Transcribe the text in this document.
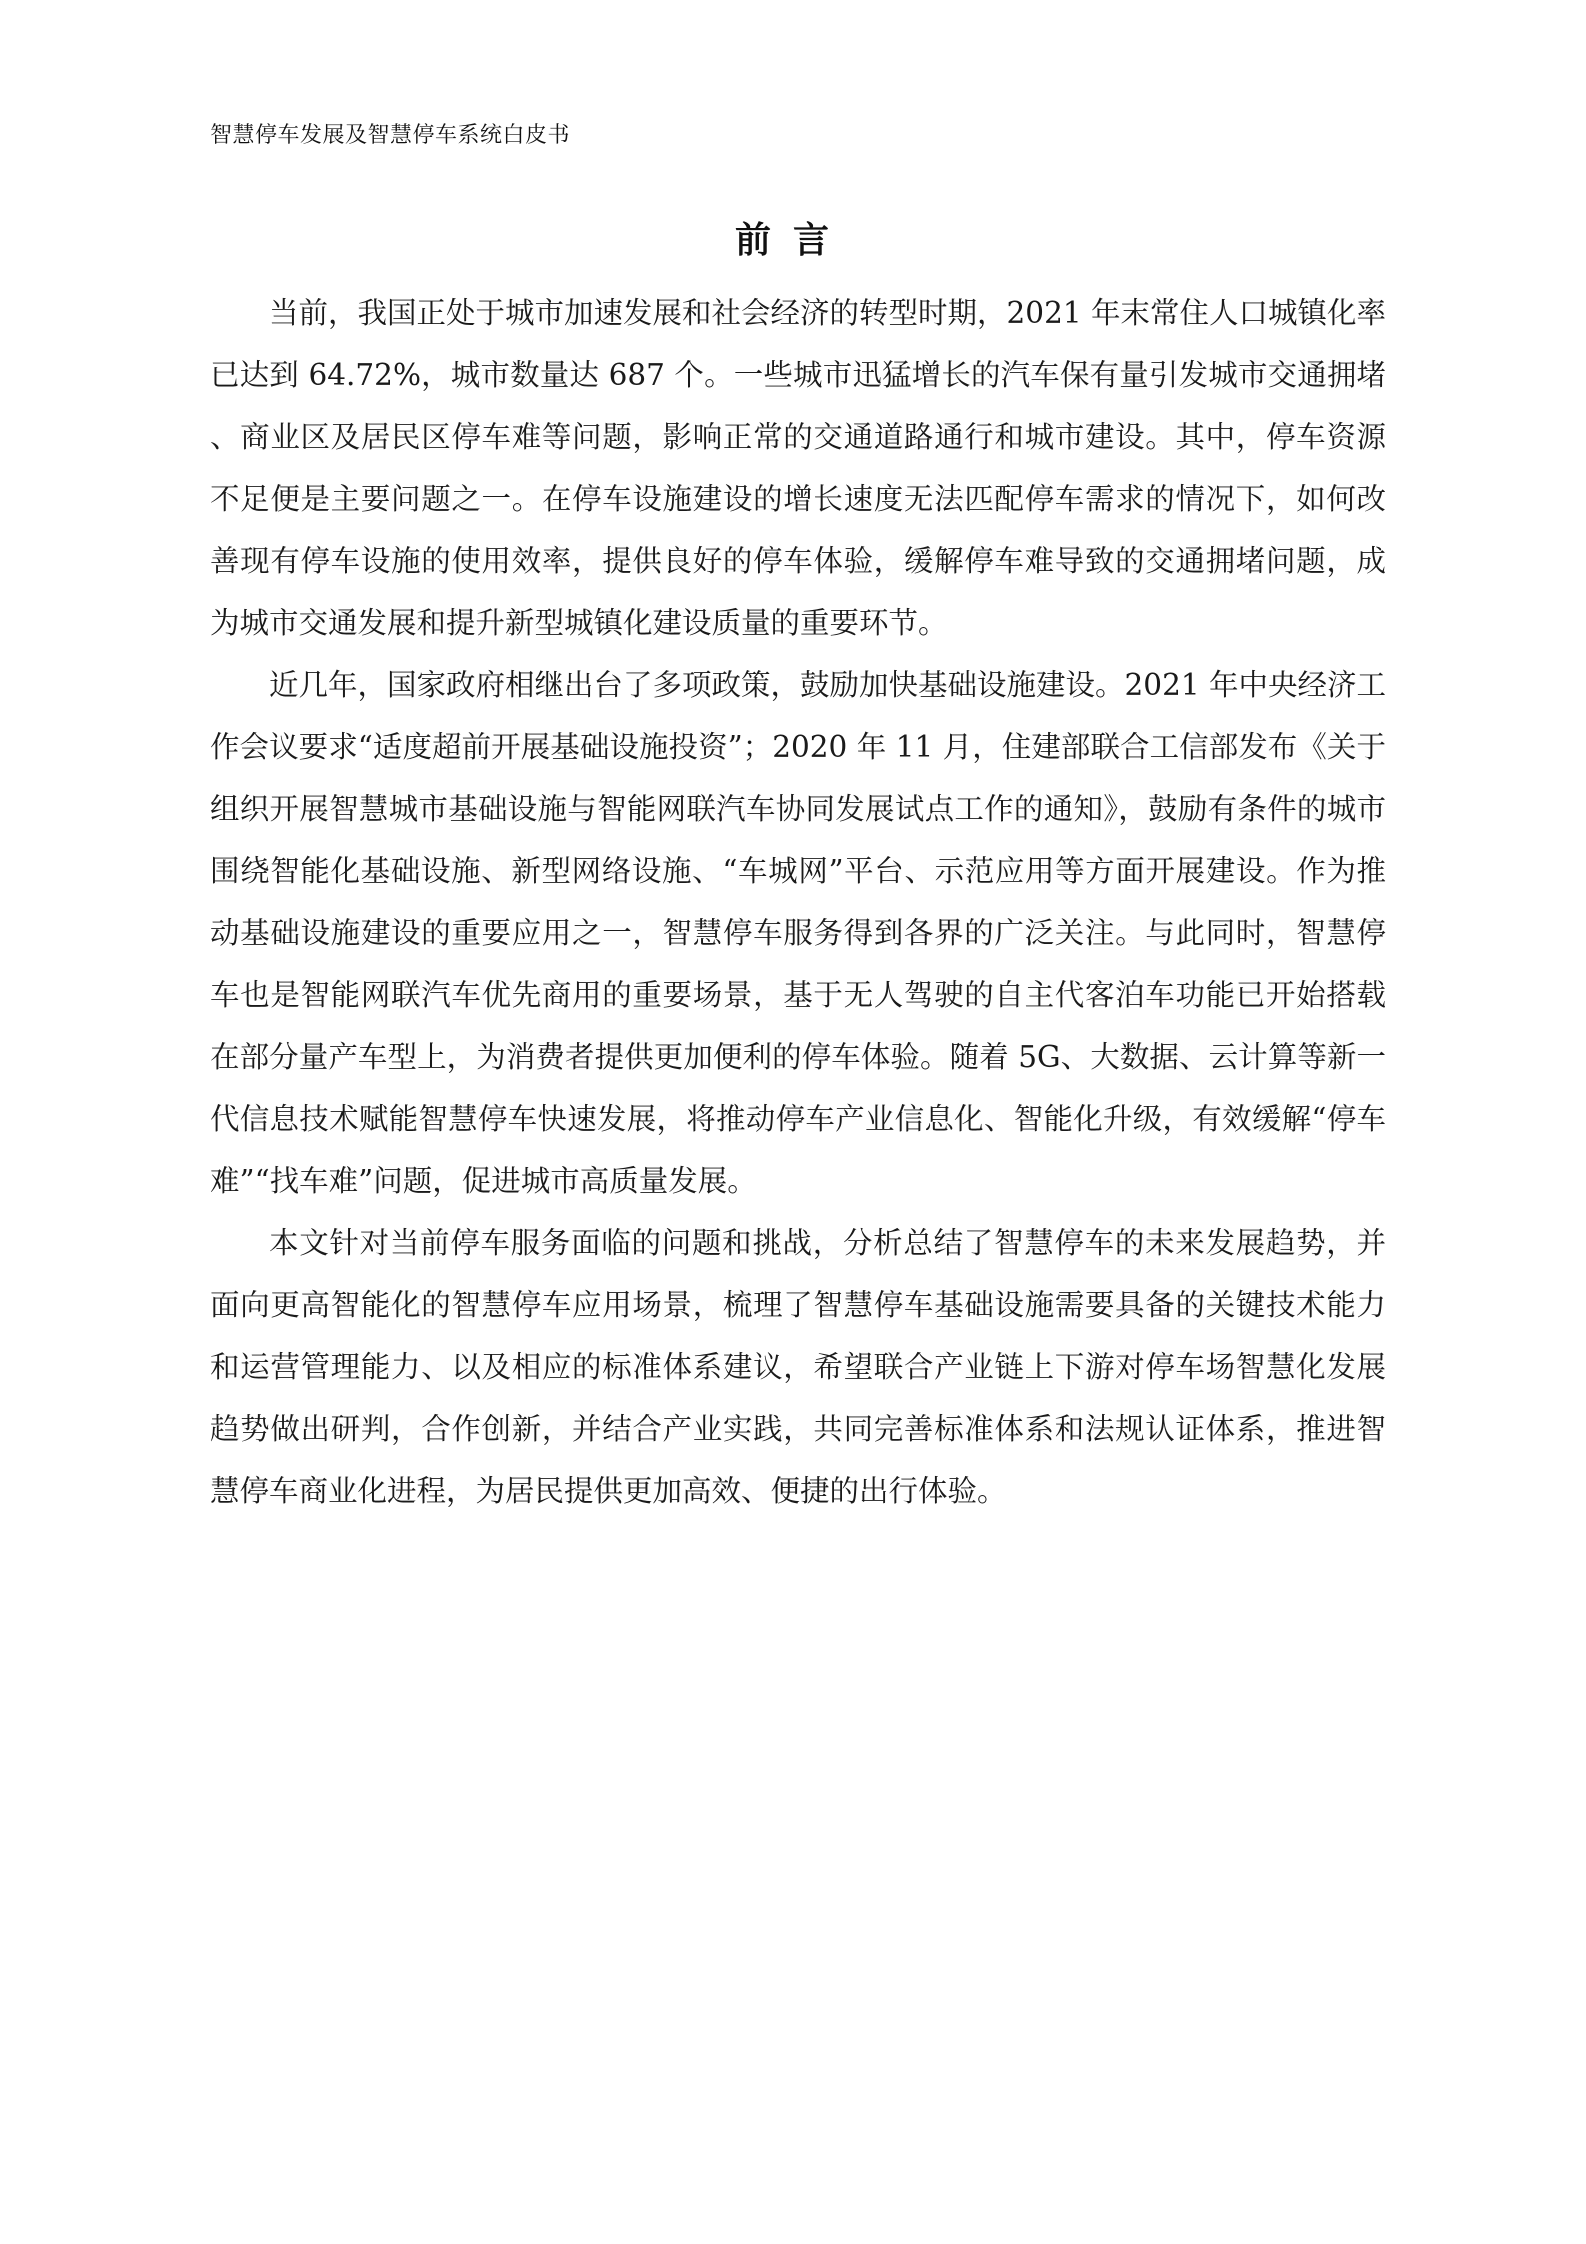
智慧停车发展及智慧停车系统白皮书
前言

当前，我国正处于城市加速发展和社会经济的转型时期，2021 年末常住人口城镇化率已达到 64.72%，城市数量达 687 个。一些城市迅猛增长的汽车保有量引发城市交通拥堵、商业区及居民区停车难等问题，影响正常的交通道路通行和城市建设。其中，停车资源不足便是主要问题之一。在停车设施建设的增长速度无法匹配停车需求的情况下，如何改善现有停车设施的使用效率，提供良好的停车体验，缓解停车难导致的交通拥堵问题，成为城市交通发展和提升新型城镇化建设质量的重要环节。

近几年，国家政府相继出台了多项政策，鼓励加快基础设施建设。2021 年中央经济工作会议要求“适度超前开展基础设施投资”；2020 年 11 月，住建部联合工信部发布《关于组织开展智慧城市基础设施与智能网联汽车协同发展试点工作的通知》，鼓励有条件的城市围绕智能化基础设施、新型网络设施、“车城网”平台、示范应用等方面开展建设。作为推动基础设施建设的重要应用之一，智慧停车服务得到各界的广泛关注。与此同时，智慧停车也是智能网联汽车优先商用的重要场景，基于无人驾驶的自主代客泊车功能已开始搭载在部分量产车型上，为消费者提供更加便利的停车体验。随着 5G、大数据、云计算等新一代信息技术赋能智慧停车快速发展，将推动停车产业信息化、智能化升级，有效缓解“停车难”“找车难”问题，促进城市高质量发展。

本文针对当前停车服务面临的问题和挑战，分析总结了智慧停车的未来发展趋势，并面向更高智能化的智慧停车应用场景，梳理了智慧停车基础设施需要具备的关键技术能力和运营管理能力、以及相应的标准体系建议，希望联合产业链上下游对停车场智慧化发展趋势做出研判，合作创新，并结合产业实践，共同完善标准体系和法规认证体系，推进智慧停车商业化进程，为居民提供更加高效、便捷的出行体验。
